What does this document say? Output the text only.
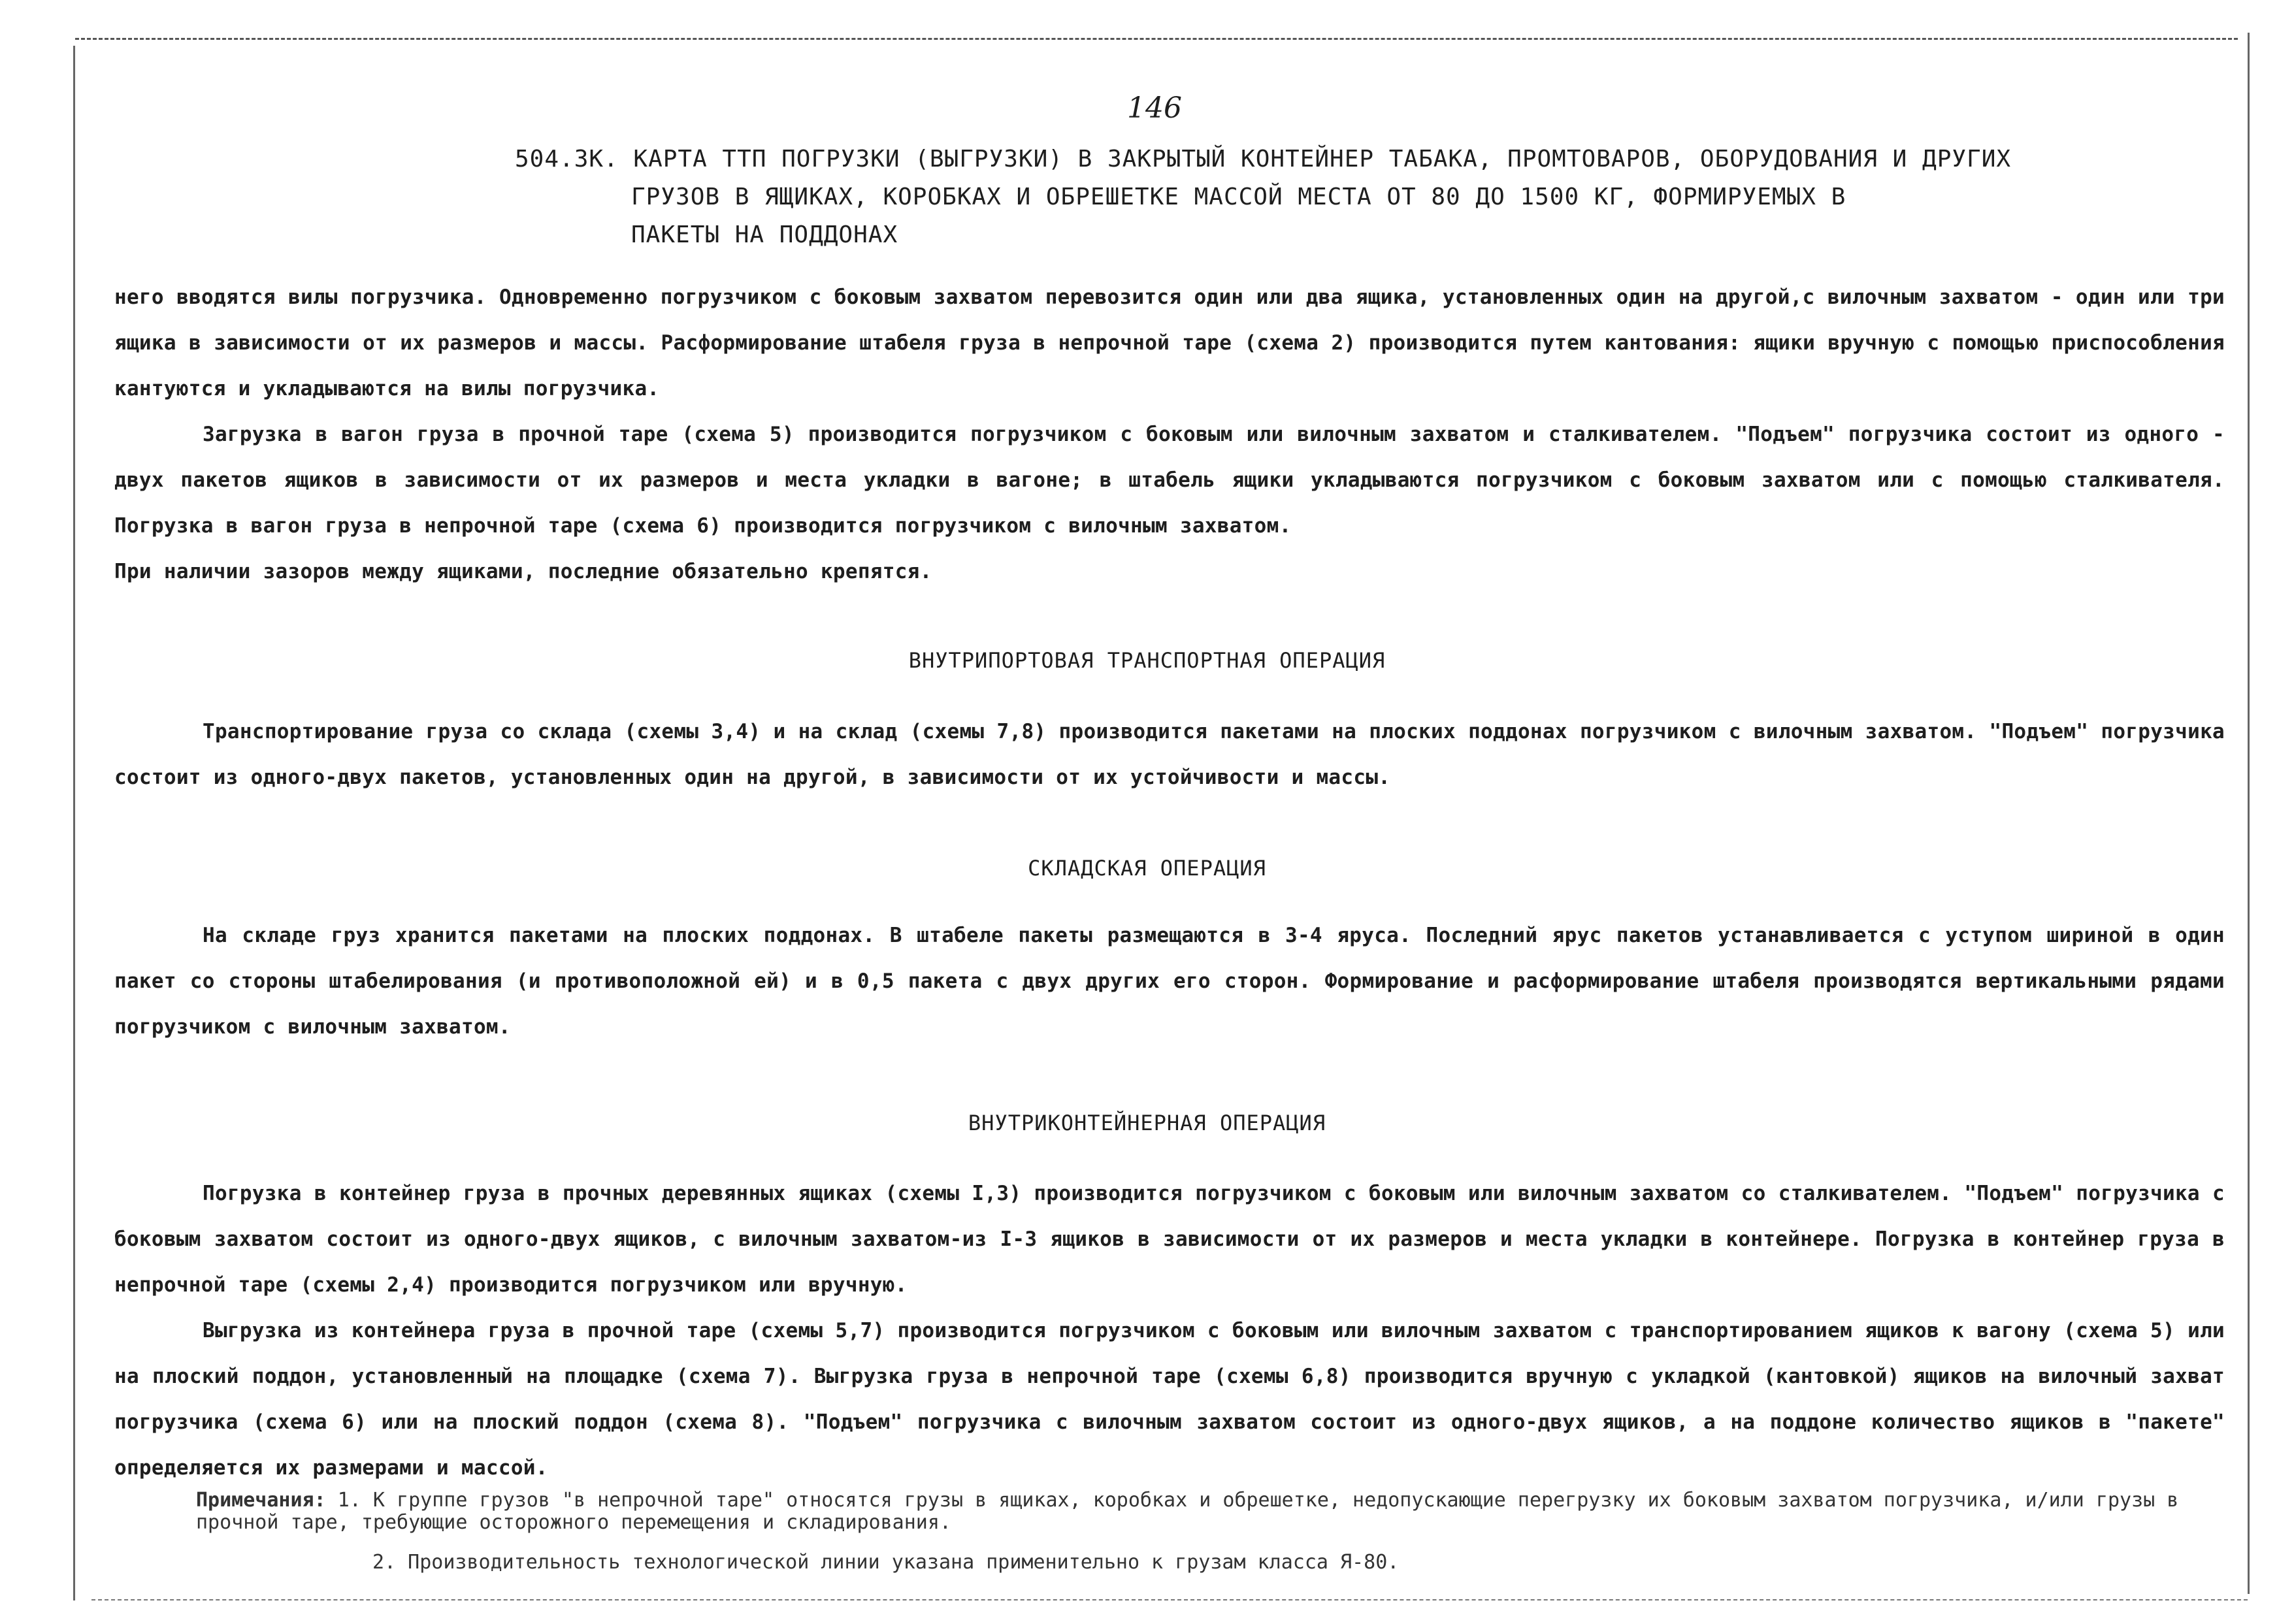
146
504.3К. КАРТА ТТП ПОГРУЗКИ (ВЫГРУЗКИ) В ЗАКРЫТЫЙ КОНТЕЙНЕР ТАБАКА, ПРОМТОВАРОВ, ОБОРУДОВАНИЯ И ДРУГИХ
ГРУЗОВ В ЯЩИКАХ, КОРОБКАХ И ОБРЕШЕТКЕ МАССОЙ МЕСТА ОТ 80 ДО 1500 КГ, ФОРМИРУЕМЫХ В
ПАКЕТЫ НА ПОДДОНАХ
него вводятся вилы погрузчика. Одновременно погрузчиком с боковым захватом перевозится один или два ящика, установленных один на другой,с вилочным захватом - один или три ящика в зависимости от их размеров и массы. Расформирование штабеля груза в непрочной таре (схема 2) производится путем кантования: ящики вручную с помощью приспособления кантуются и укладываются на вилы погрузчика.
Загрузка в вагон груза в прочной таре (схема 5) производится погрузчиком с боковым или вилочным захватом и сталкивателем. "Подъем" погрузчика состоит из одного - двух пакетов ящиков в зависимости от их размеров и места укладки в вагоне; в штабель ящики укладываются погрузчиком с боковым захватом или с помощью сталкивателя. Погрузка в вагон груза в непрочной таре (схема 6) производится погрузчиком с вилочным захватом.
При наличии зазоров между ящиками, последние обязательно крепятся.
ВНУТРИПОРТОВАЯ ТРАНСПОРТНАЯ ОПЕРАЦИЯ
Транспортирование груза со склада (схемы 3,4) и на склад (схемы 7,8) производится пакетами на плоских поддонах погрузчиком с вилочным захватом. "Подъем" погрузчика состоит из одного-двух пакетов, установленных один на другой, в зависимости от их устойчивости и массы.
СКЛАДСКАЯ ОПЕРАЦИЯ
На складе груз хранится пакетами на плоских поддонах. В штабеле пакеты размещаются в 3-4 яруса. Последний ярус пакетов устанавливается с уступом шириной в один пакет со стороны штабелирования (и противоположной ей) и в 0,5 пакета с двух других его сторон. Формирование и расформирование штабеля производятся вертикальными рядами погрузчиком с вилочным захватом.
ВНУТРИКОНТЕЙНЕРНАЯ ОПЕРАЦИЯ
Погрузка в контейнер груза в прочных деревянных ящиках (схемы I,3) производится погрузчиком с боковым или вилочным захватом со сталкивателем. "Подъем" погрузчика с боковым захватом состоит из одного-двух ящиков, с вилочным захватом-из I-3 ящиков в зависимости от их размеров и места укладки в контейнере. Погрузка в контейнер груза в непрочной таре (схемы 2,4) производится погрузчиком или вручную.
Выгрузка из контейнера груза в прочной таре (схемы 5,7) производится погрузчиком с боковым или вилочным захватом с транспортированием ящиков к вагону (схема 5) или на плоский поддон, установленный на площадке (схема 7). Выгрузка груза в непрочной таре (схемы 6,8) производится вручную с укладкой (кантовкой) ящиков на вилочный захват погрузчика (схема 6) или на плоский поддон (схема 8). "Подъем" погрузчика с вилочным захватом состоит из одного-двух ящиков, а на поддоне количество ящиков в "пакете" определяется их размерами и массой.
Примечания: 1. К группе грузов "в непрочной таре" относятся грузы в ящиках, коробках и обрешетке, недопускающие перегрузку их боковым захватом погрузчика, и/или грузы в прочной таре, требующие осторожного перемещения и складирования.
2. Производительность технологической линии указана применительно к грузам класса Я-80.
